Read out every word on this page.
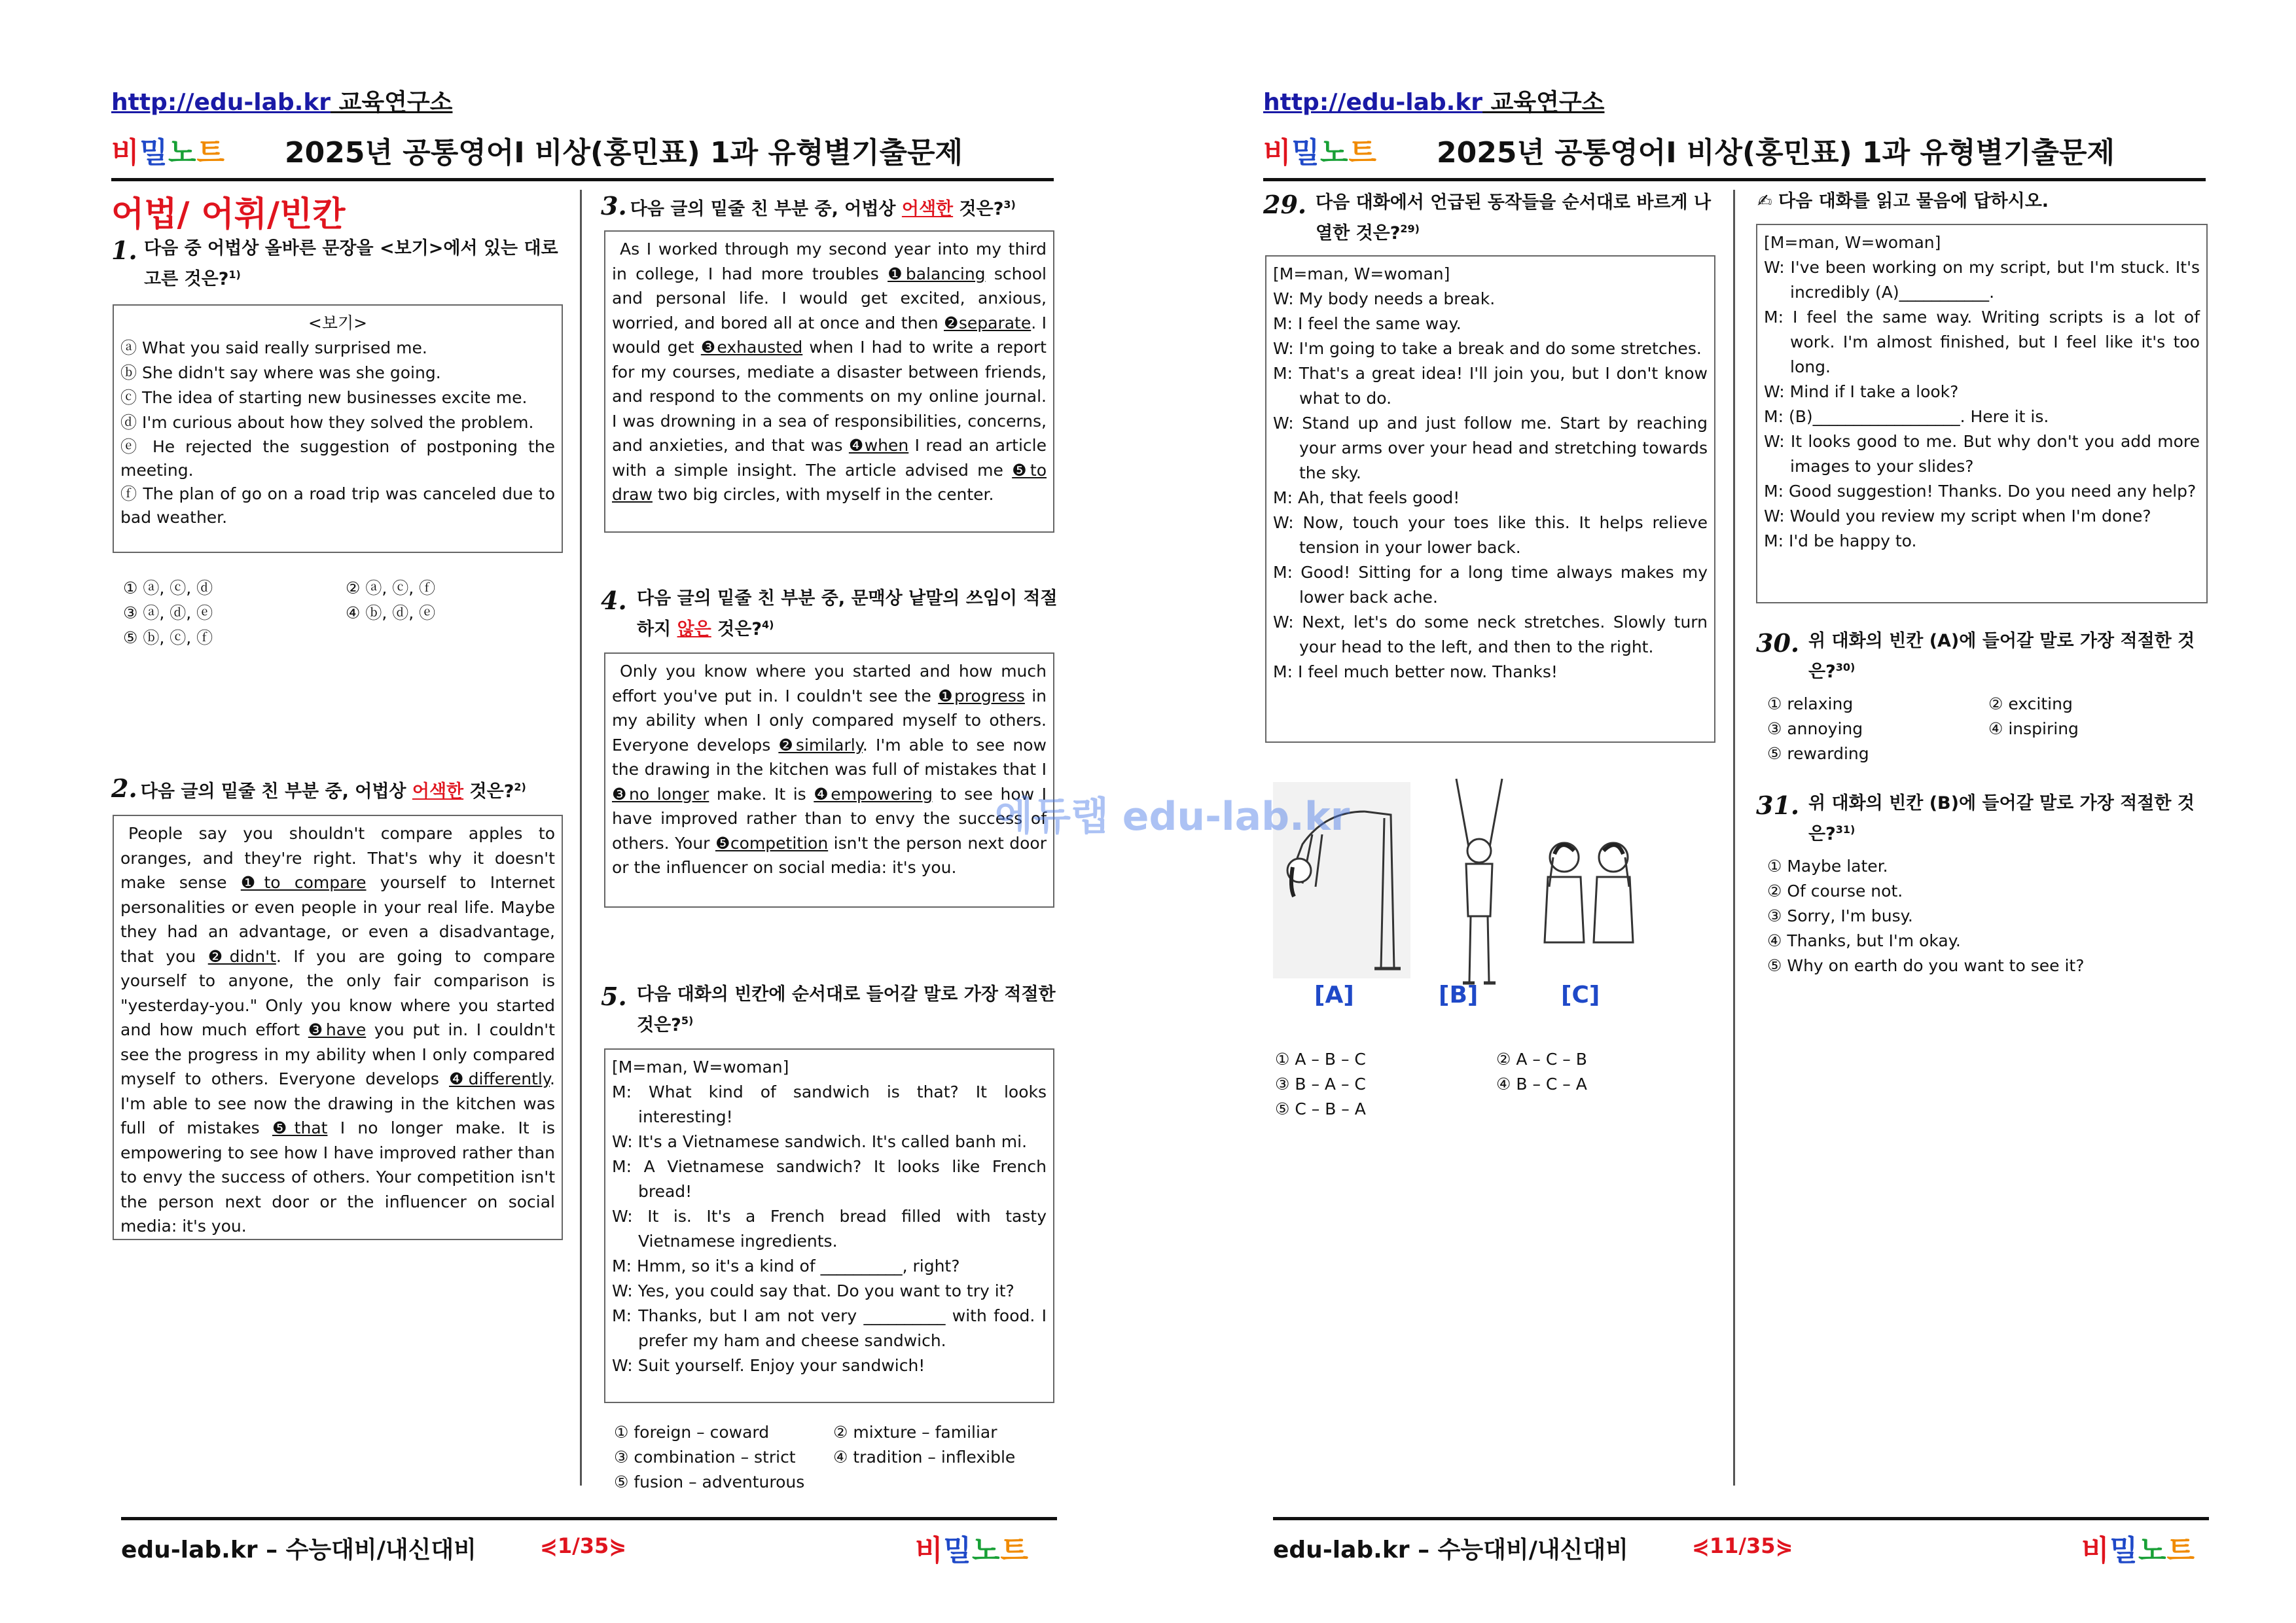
http://edu-lab.kr 교육연구소
비밀노트 2025년 공통영어Ⅰ 비상(홍민표) 1과 유형별기출문제
어법/ 어휘/빈칸
1. 다음 중 어법상 올바른 문장을 <보기>에서 있는 대로 고른 것은?$^{1)}$
<보기>
ⓐ What you said really surprised me.
ⓑ She didn't say where was she going.
ⓒ The idea of starting new businesses excite me.
ⓓ I'm curious about how they solved the problem.
ⓔ He rejected the suggestion of postponing the meeting.
ⓕ The plan of go on a road trip was canceled due to bad weather.
① ⓐ, ⓒ, ⓓ	② ⓐ, ⓒ, ⓕ
③ ⓐ, ⓓ, ⓔ	④ ⓑ, ⓓ, ⓔ
⑤ ⓑ, ⓒ, ⓕ
2. 다음 글의 밑줄 친 부분 중, 어법상 어색한 것은?$^{2)}$

People say you shouldn't compare apples to oranges, and they're right. That's why it doesn't make sense ❶to compare yourself to Internet personalities or even people in your real life. Maybe they had an advantage, or even a disadvantage, that you ❷didn't. If you are going to compare yourself to anyone, the only fair comparison is "yesterday-you." Only you know where you started and how much effort ❸have you put in. I couldn't see the progress in my ability when I only compared myself to others. Everyone develops ❹differently. I'm able to see now the drawing in the kitchen was full of mistakes ❺that I no longer make. It is empowering to see how I have improved rather than to envy the success of others. Your competition isn't the person next door or the influencer on social media: it's you.

3. 다음 글의 밑줄 친 부분 중, 어법상 어색한 것은?$^{3)}$

As I worked through my second year into my third in college, I had more troubles ❶balancing school and personal life. I would get excited, anxious, worried, and bored all at once and then ❷separate. I would get ❸exhausted when I had to write a report for my courses, mediate a disaster between friends, and respond to the comments on my online journal. I was drowning in a sea of responsibilities, concerns, and anxieties, and that was ❹when I read an article with a simple insight. The article advised me ❺to draw two big circles, with myself in the center.

4. 다음 글의 밑줄 친 부분 중, 문맥상 낱말의 쓰임이 적절하지 않은 것은?$^{4)}$

Only you know where you started and how much effort you've put in. I couldn't see the ❶progress in my ability when I only compared myself to others. Everyone develops ❷similarly. I'm able to see now the drawing in the kitchen was full of mistakes that I ❸no longer make. It is ❹empowering to see how I have improved rather than to envy the success of others. Your ❺competition isn't the person next door or the influencer on social media: it's you.

5. 다음 대화의 빈칸에 순서대로 들어갈 말로 가장 적절한 것은?$^{5)}$
[M=man, W=woman]
M: What kind of sandwich is that? It looks interesting!
W: It's a Vietnamese sandwich. It's called banh mi.
M: A Vietnamese sandwich? It looks like French bread!
W: It is. It's a French bread filled with tasty Vietnamese ingredients.
M: Hmm, so it's a kind of __________, right?
W: Yes, you could say that. Do you want to try it?
M: Thanks, but I am not very __________ with food. I prefer my ham and cheese sandwich.
W: Suit yourself. Enjoy your sandwich!
① foreign – coward	② mixture – familiar
③ combination – strict	④ tradition – inflexible
⑤ fusion – adventurous
edu-lab.kr – 수능대비/내신대비	⋞1/35⋟	비밀노트
http://edu-lab.kr 교육연구소
비밀노트 2025년 공통영어Ⅰ 비상(홍민표) 1과 유형별기출문제
29. 다음 대화에서 언급된 동작들을 순서대로 바르게 나열한 것은?$^{29)}$
[M=man, W=woman]
W: My body needs a break.
M: I feel the same way.
W: I'm going to take a break and do some stretches.
M: That's a great idea! I'll join you, but I don't know what to do.
W: Stand up and just follow me. Start by reaching your arms over your head and stretching towards the sky.
M: Ah, that feels good!
W: Now, touch your toes like this. It helps relieve tension in your lower back.
M: Good! Sitting for a long time always makes my lower back ache.
W: Next, let's do some neck stretches. Slowly turn your head to the left, and then to the right.
M: I feel much better now. Thanks!
에듀랩 edu-lab.kr
[A]	[B]	[C]
① A – B – C	② A – C – B
③ B – A – C	④ B – C – A
⑤ C – B – A
✍ 다음 대화를 읽고 물음에 답하시오.
[M=man, W=woman]
W: I've been working on my script, but I'm stuck. It's incredibly (A)___________.
M: I feel the same way. Writing scripts is a lot of work. I'm almost finished, but I feel like it's too long.
W: Mind if I take a look?
M: (B)__________________. Here it is.
W: It looks good to me. But why don't you add more images to your slides?
M: Good suggestion! Thanks. Do you need any help?
W: Would you review my script when I'm done?
M: I'd be happy to.
30. 위 대화의 빈칸 (A)에 들어갈 말로 가장 적절한 것은?$^{30)}$
① relaxing	② exciting
③ annoying	④ inspiring
⑤ rewarding
31. 위 대화의 빈칸 (B)에 들어갈 말로 가장 적절한 것은?$^{31)}$
① Maybe later.
② Of course not.
③ Sorry, I'm busy.
④ Thanks, but I'm okay.
⑤ Why on earth do you want to see it?
edu-lab.kr – 수능대비/내신대비	⋞11/35⋟	비밀노트
